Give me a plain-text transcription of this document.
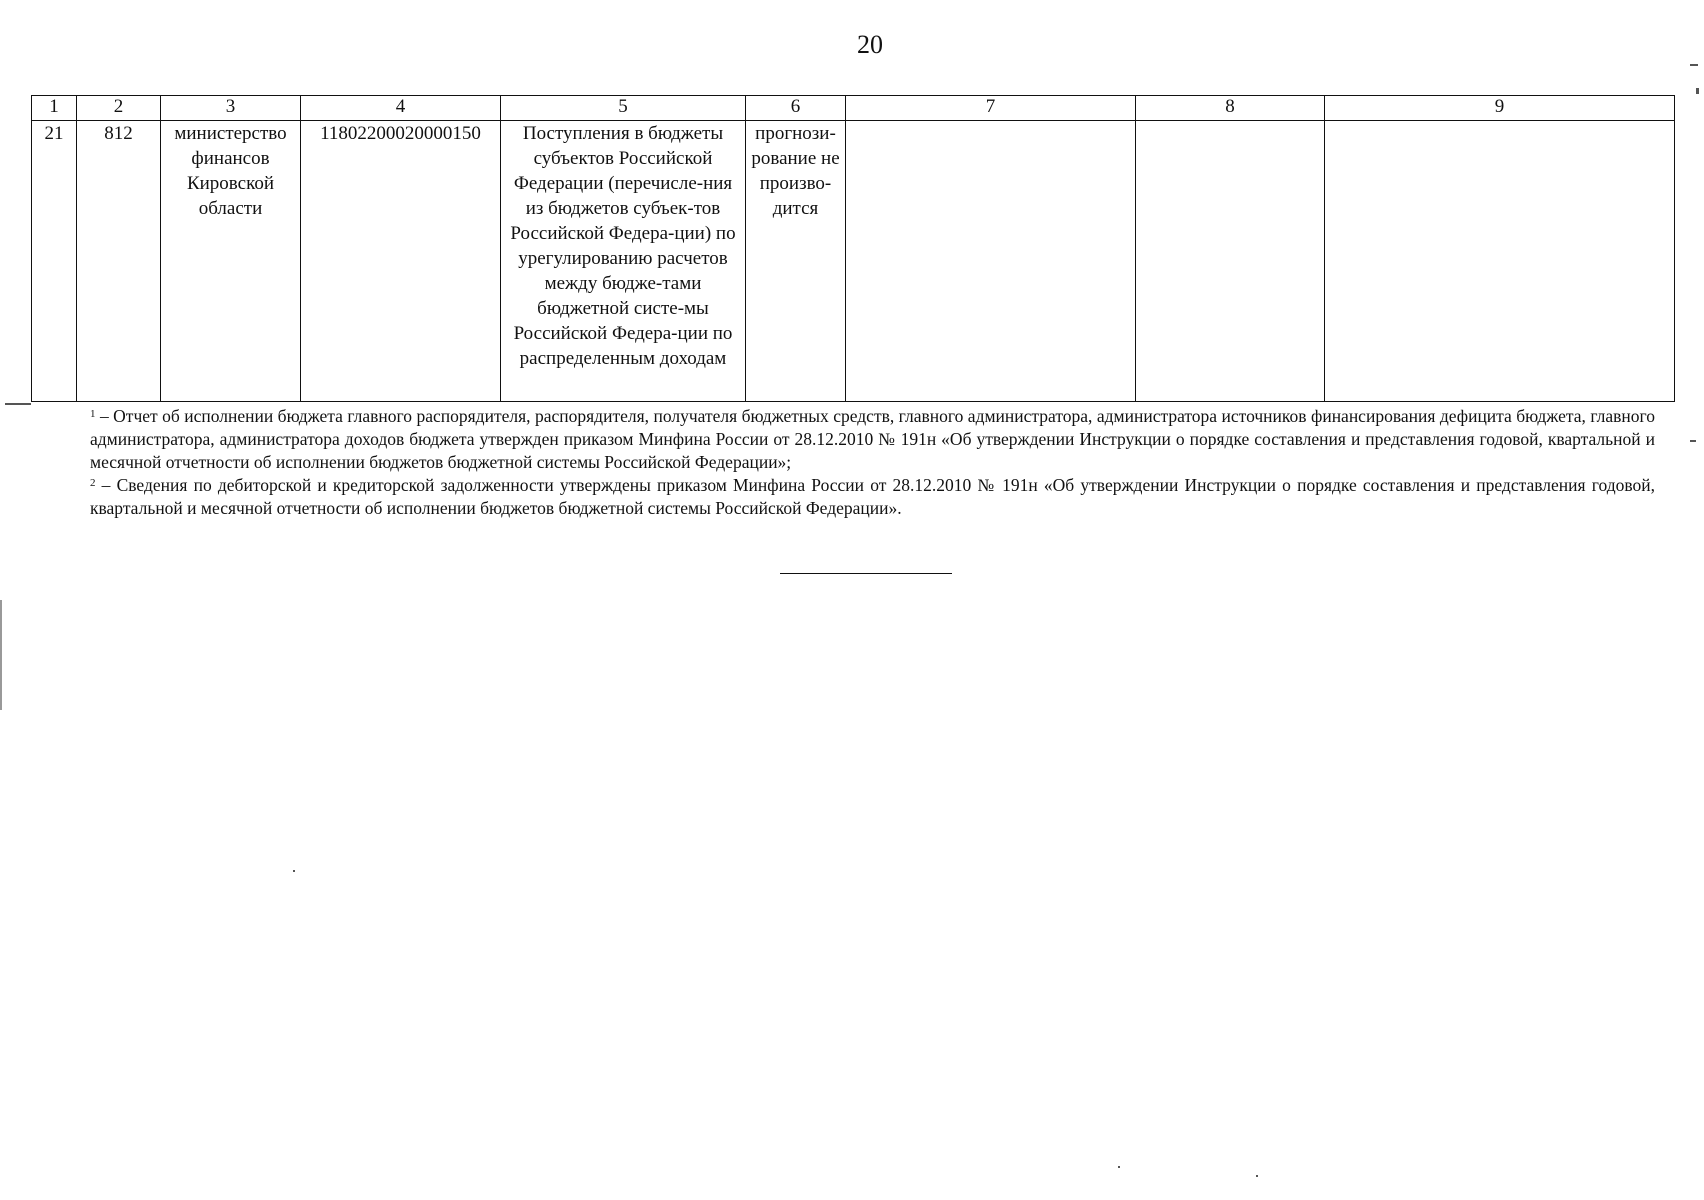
20
1	2	3	4	5	6	7	8	9

21	812	министерство финансов Кировской области	11802200020000150	Поступления в бюджеты субъектов Российской Федерации (перечисле-ния из бюджетов субъек-тов Российской Федера-ции) по урегулированию расчетов между бюдже-тами бюджетной систе-мы Российской Федера-ции по распределенным доходам	прогнози-рование не произво-дится			

$^1$ – Отчет об исполнении бюджета главного распорядителя, распорядителя, получателя бюджетных средств, главного администратора, администратора источников финансирования дефицита бюджета, главного администратора, администратора доходов бюджета утвержден приказом Минфина России от 28.12.2010 № 191н «Об утверждении Инструкции о порядке составления и представления годовой, квартальной и месячной отчетности об исполнении бюджетов бюджетной системы Российской Федерации»;

$^2$ – Сведения по дебиторской и кредиторской задолженности утверждены приказом Минфина России от 28.12.2010 № 191н «Об утверждении Инструкции о порядке составления и представления годовой, квартальной и месячной отчетности об исполнении бюджетов бюджетной системы Российской Федерации».
